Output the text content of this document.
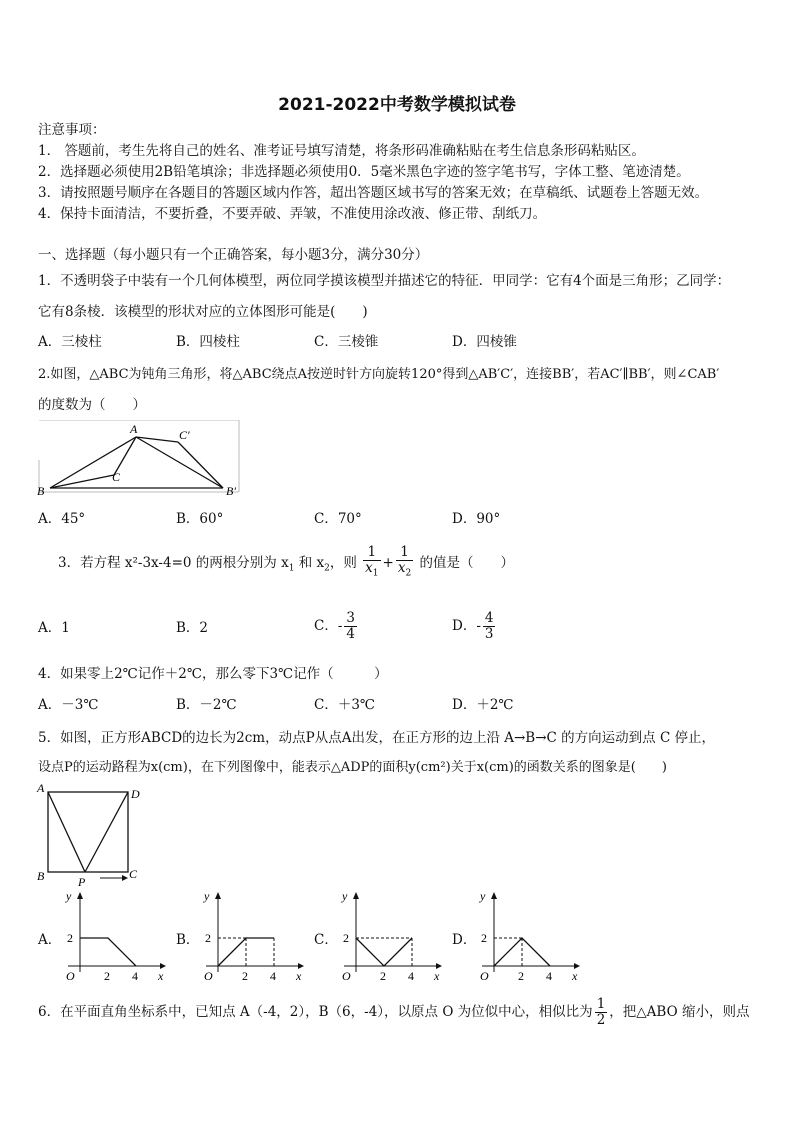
2021-2022中考数学模拟试卷
注意事项：
1． 答题前，考生先将自己的姓名、准考证号填写清楚，将条形码准确粘贴在考生信息条形码粘贴区。
2．选择题必须使用2B铅笔填涂；非选择题必须使用0．5毫米黑色字迹的签字笔书写，字体工整、笔迹清楚。
3．请按照题号顺序在各题目的答题区域内作答，超出答题区域书写的答案无效；在草稿纸、试题卷上答题无效。
4．保持卡面清洁，不要折叠，不要弄破、弄皱，不准使用涂改液、修正带、刮纸刀。
一、选择题（每小题只有一个正确答案，每小题3分，满分30分）
1．不透明袋子中装有一个几何体模型，两位同学摸该模型并描述它的特征．甲同学：它有4个面是三角形；乙同学：
它有8条棱．该模型的形状对应的立体图形可能是(　　)
A．三棱柱	B．四棱柱	C．三棱锥	D．四棱锥
2.如图，△ABC为钝角三角形，将△ABC绕点A按逆时针方向旋转120°得到△AB′C′，连接BB′，若AC′∥BB′，则∠CAB′
的度数为（　　）
A	C′
C
B	B′
A．45°	B．60°	C．70°	D．90°
3．若方程 x²-3x-4=0 的两根分别为 $x_1$ 和 $x_2$，则 $\frac{1}{x_1} + \frac{1}{x_2}$ 的值是（　　）
A．1	B．2	C．- $\frac{3}{4}$	D．- $\frac{4}{3}$
4．如果零上2℃记作＋2℃，那么零下3℃记作（　　　）
A．－3℃	B．－2℃	C．＋3℃	D．＋2℃
5．如图，正方形ABCD的边长为2cm，动点P从点A出发，在正方形的边上沿 A→B→C 的方向运动到点 C 停止，
设点P的运动路程为x(cm)，在下列图像中，能表示△ADP的面积y(cm²)关于x(cm)的函数关系的图象是(　　)
A	D
B	C
P
A．	B．	C．	D．
y
x
O
2
2 4
y
x
O
2
2 4
y
x
O
2
2 4
y
x
O
2
2 4
6．在平面直角坐标系中，已知点 A（-4，2），B（6，-4），以原点 O 为位似中心，相似比为 $\frac{1}{2}$ ，把△ABO 缩小，则点
